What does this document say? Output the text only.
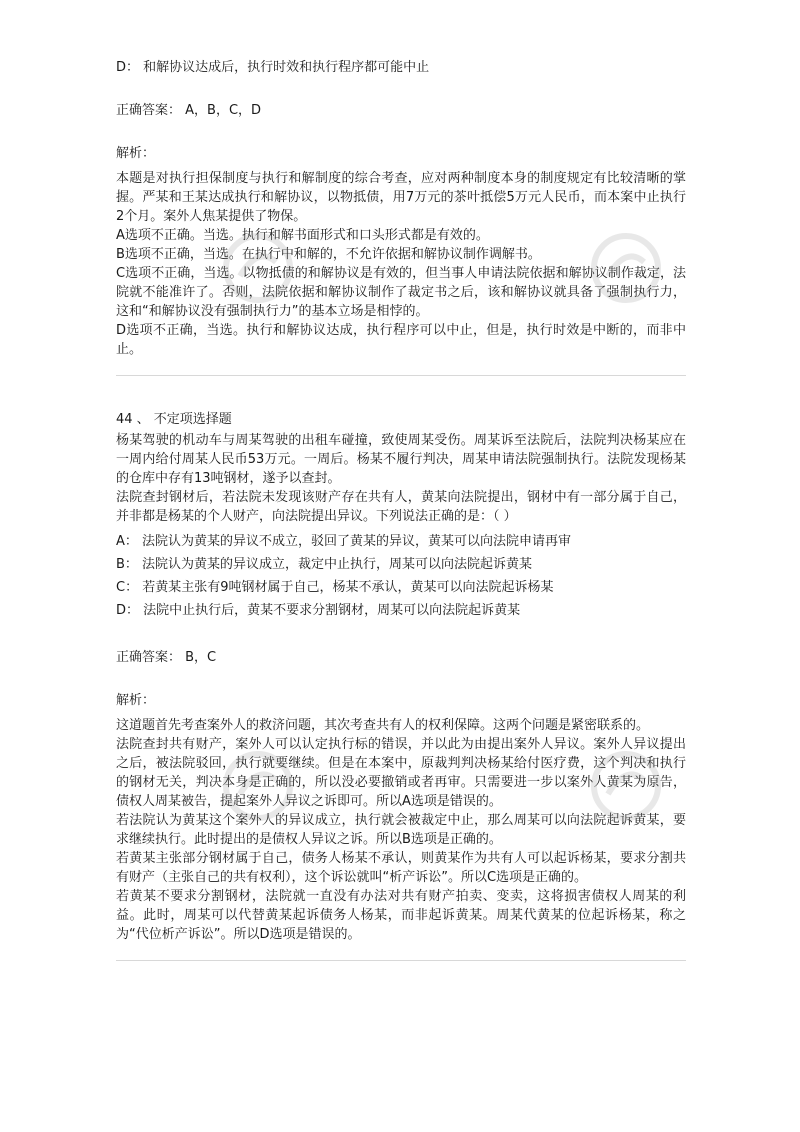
D： 和解协议达成后，执行时效和执行程序都可能中止
正确答案： A，B，C，D
解析：
本题是对执行担保制度与执行和解制度的综合考查，应对两种制度本身的制度规定有比较清晰的掌握。严某和王某达成执行和解协议，以物抵债，用7万元的茶叶抵偿5万元人民币，而本案中止执行2个月。案外人焦某提供了物保。
A选项不正确。当选。执行和解书面形式和口头形式都是有效的。
B选项不正确，当选。在执行中和解的，不允许依据和解协议制作调解书。
C选项不正确，当选。以物抵债的和解协议是有效的，但当事人申请法院依据和解协议制作裁定，法院就不能准许了。否则，法院依据和解协议制作了裁定书之后，该和解协议就具备了强制执行力，这和“和解协议没有强制执行力”的基本立场是相悖的。
D选项不正确，当选。执行和解协议达成，执行程序可以中止，但是，执行时效是中断的，而非中止。
44 、 不定项选择题
杨某驾驶的机动车与周某驾驶的出租车碰撞，致使周某受伤。周某诉至法院后，法院判决杨某应在一周内给付周某人民币53万元。一周后。杨某不履行判决，周某申请法院强制执行。法院发现杨某的仓库中存有13吨钢材，遂予以查封。
法院查封钢材后，若法院未发现该财产存在共有人，黄某向法院提出，钢材中有一部分属于自己，并非都是杨某的个人财产，向法院提出异议。下列说法正确的是：（ ）
A： 法院认为黄某的异议不成立，驳回了黄某的异议，黄某可以向法院申请再审
B： 法院认为黄某的异议成立，裁定中止执行，周某可以向法院起诉黄某
C： 若黄某主张有9吨钢材属于自己，杨某不承认，黄某可以向法院起诉杨某
D： 法院中止执行后，黄某不要求分割钢材，周某可以向法院起诉黄某
正确答案： B，C
解析：
这道题首先考查案外人的救济问题，其次考查共有人的权利保障。这两个问题是紧密联系的。
法院查封共有财产，案外人可以认定执行标的错误，并以此为由提出案外人异议。案外人异议提出之后，被法院驳回，执行就要继续。但是在本案中，原裁判判决杨某给付医疗费，这个判决和执行的钢材无关，判决本身是正确的，所以没必要撤销或者再审。只需要进一步以案外人黄某为原告，债权人周某被告，提起案外人异议之诉即可。所以A选项是错误的。
若法院认为黄某这个案外人的异议成立，执行就会被裁定中止，那么周某可以向法院起诉黄某，要求继续执行。此时提出的是债权人异议之诉。所以B选项是正确的。
若黄某主张部分钢材属于自己，债务人杨某不承认，则黄某作为共有人可以起诉杨某，要求分割共有财产（主张自己的共有权利），这个诉讼就叫“析产诉讼”。所以C选项是正确的。
若黄某不要求分割钢材，法院就一直没有办法对共有财产拍卖、变卖，这将损害债权人周某的利益。此时，周某可以代替黄某起诉债务人杨某，而非起诉黄某。周某代黄某的位起诉杨某，称之为“代位析产诉讼”。所以D选项是错误的。
